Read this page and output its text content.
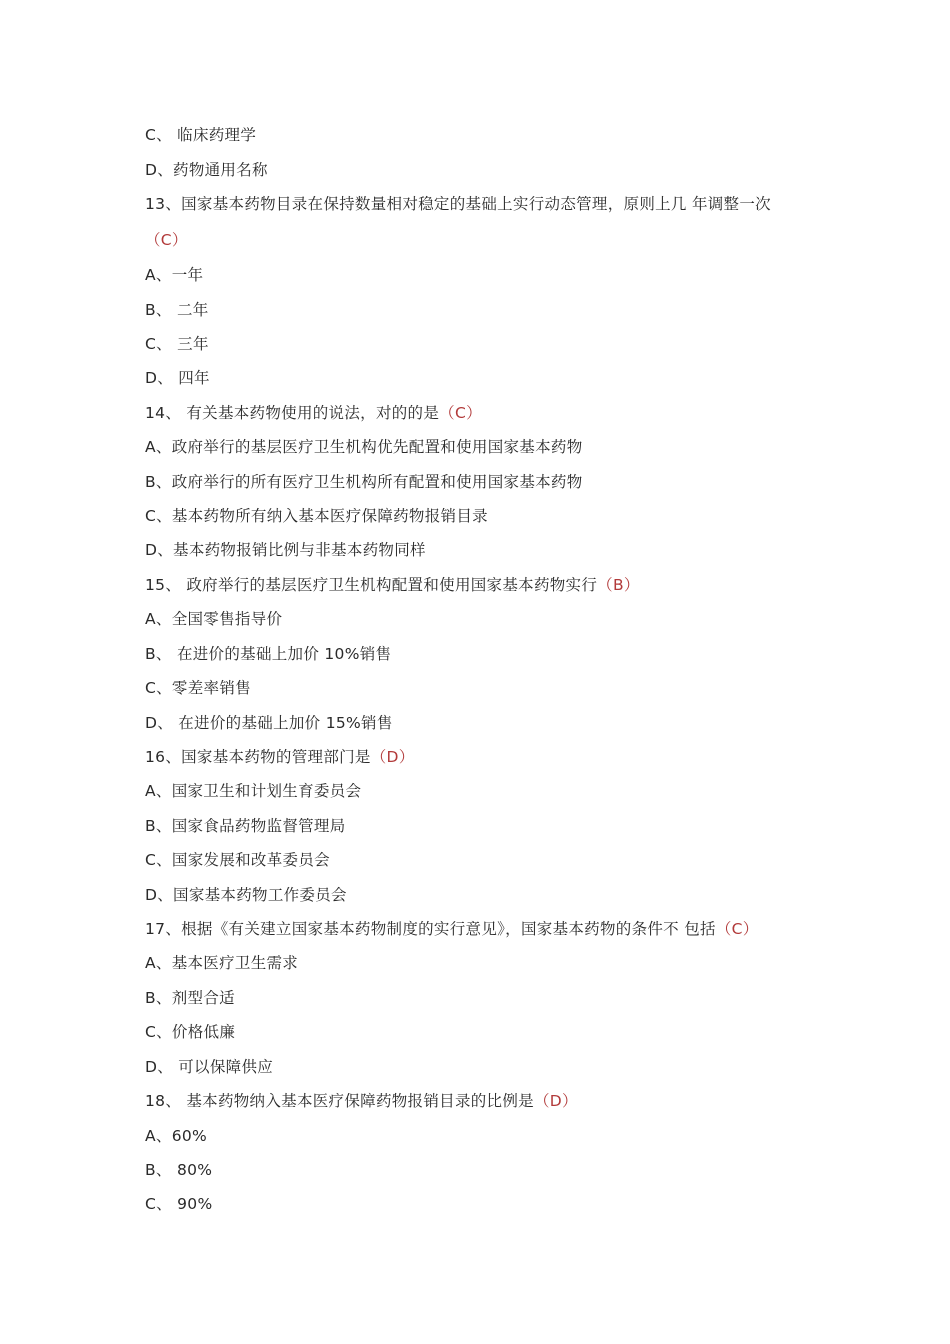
C、 临床药理学
D、药物通用名称
13、国家基本药物目录在保持数量相对稳定的基础上实行动态管理，原则上几 年调整一次
（C）
A、一年
B、 二年
C、 三年
D、 四年
14、 有关基本药物使用的说法，对的的是（C）
A、政府举行的基层医疗卫生机构优先配置和使用国家基本药物
B、政府举行的所有医疗卫生机构所有配置和使用国家基本药物
C、基本药物所有纳入基本医疗保障药物报销目录
D、基本药物报销比例与非基本药物同样
15、 政府举行的基层医疗卫生机构配置和使用国家基本药物实行（B）
A、全国零售指导价
B、 在进价的基础上加价 10%销售
C、零差率销售
D、 在进价的基础上加价 15%销售
16、国家基本药物的管理部门是（D）
A、国家卫生和计划生育委员会
B、国家食品药物监督管理局
C、国家发展和改革委员会
D、国家基本药物工作委员会
17、根据《有关建立国家基本药物制度的实行意见》，国家基本药物的条件不 包括（C）
A、基本医疗卫生需求
B、剂型合适
C、价格低廉
D、 可以保障供应
18、 基本药物纳入基本医疗保障药物报销目录的比例是（D）
A、60%
B、 80%
C、 90%
